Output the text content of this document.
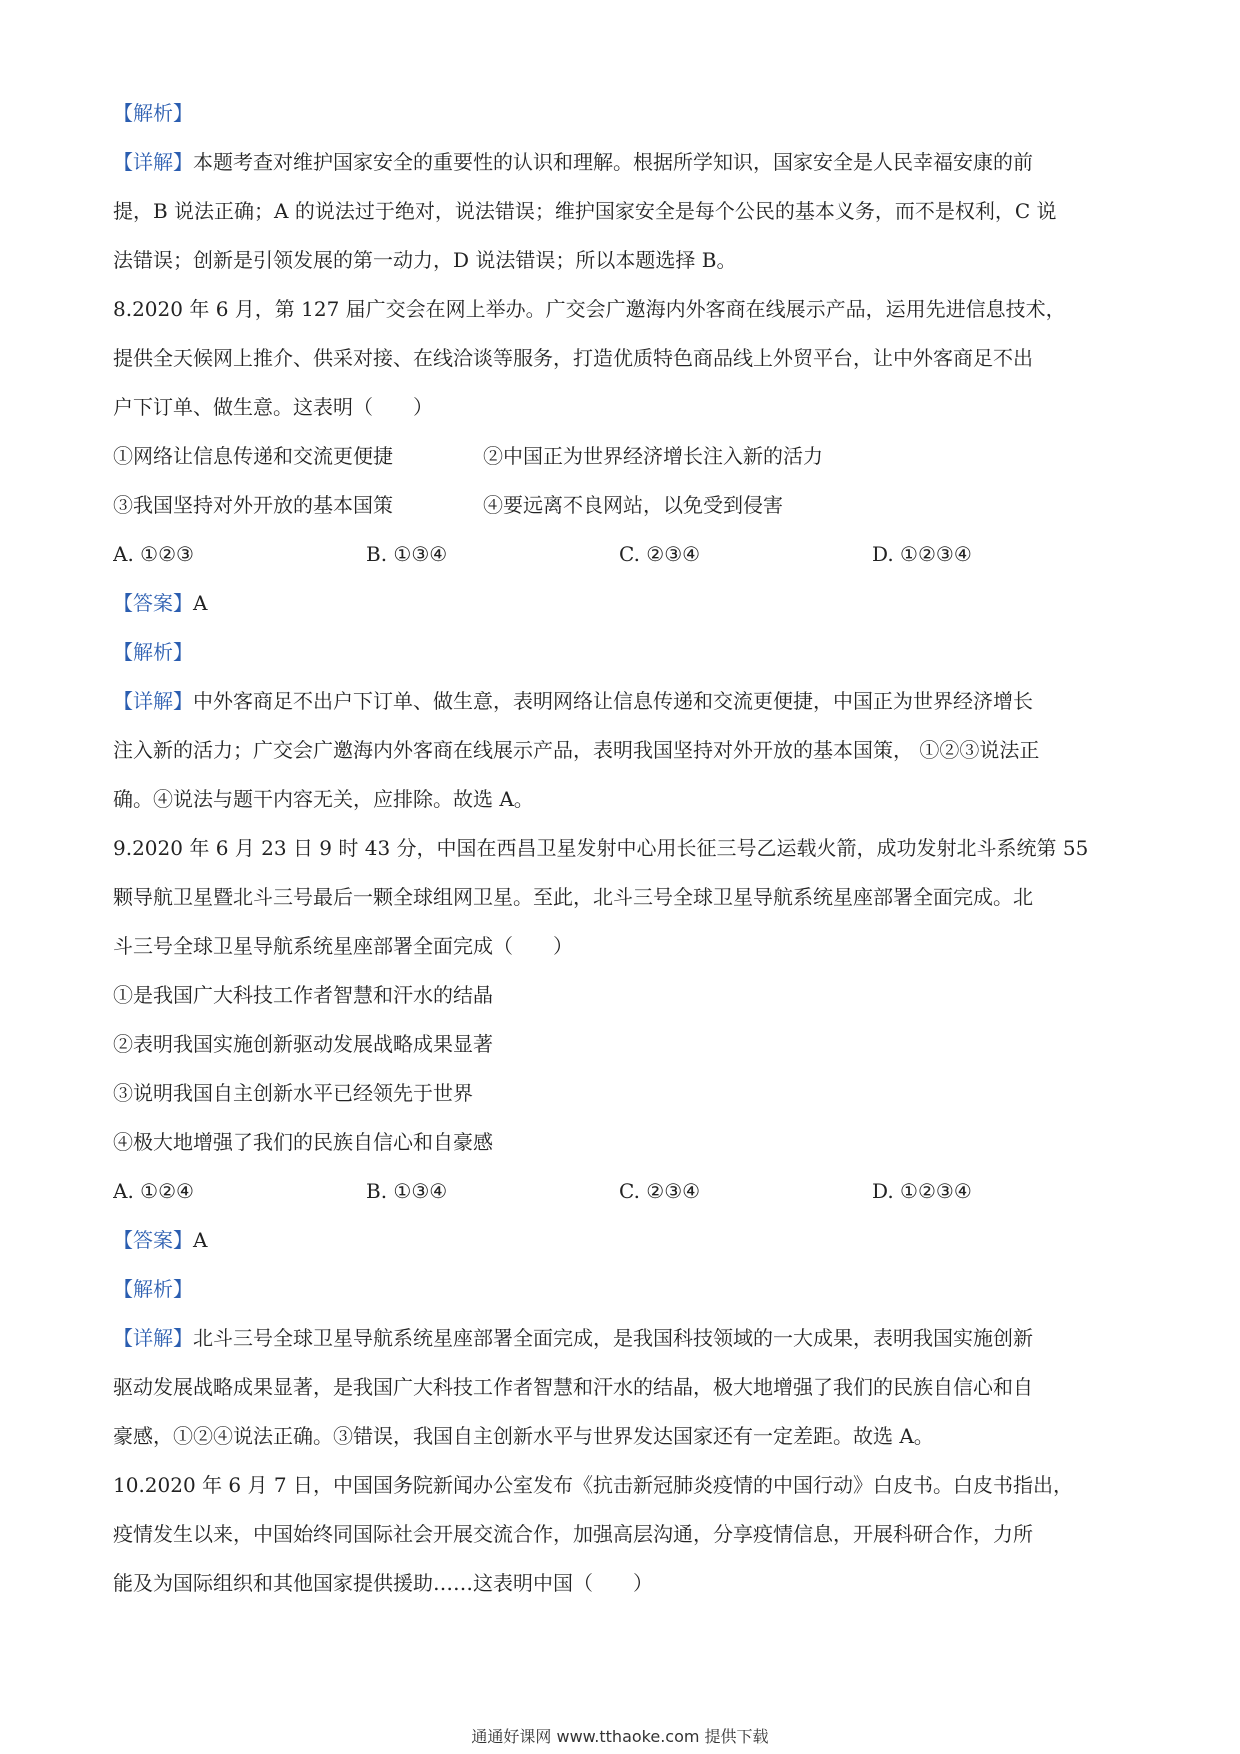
【解析】
【详解】本题考查对维护国家安全的重要性的认识和理解。根据所学知识，国家安全是人民幸福安康的前
提，B 说法正确；A 的说法过于绝对，说法错误；维护国家安全是每个公民的基本义务，而不是权利，C 说
法错误；创新是引领发展的第一动力，D 说法错误；所以本题选择 B。
8.2020 年 6 月，第 127 届广交会在网上举办。广交会广邀海内外客商在线展示产品，运用先进信息技术，
提供全天候网上推介、供采对接、在线洽谈等服务，打造优质特色商品线上外贸平台，让中外客商足不出
户下订单、做生意。这表明（　　）
①网络让信息传递和交流更便捷	②中国正为世界经济增长注入新的活力
③我国坚持对外开放的基本国策	④要远离不良网站，以免受到侵害
A. ①②③	B. ①③④	C. ②③④	D. ①②③④
【答案】A
【解析】
【详解】中外客商足不出户下订单、做生意，表明网络让信息传递和交流更便捷，中国正为世界经济增长
注入新的活力；广交会广邀海内外客商在线展示产品，表明我国坚持对外开放的基本国策， ①②③说法正
确。④说法与题干内容无关，应排除。故选 A。
9.2020 年 6 月 23 日 9 时 43 分，中国在西昌卫星发射中心用长征三号乙运载火箭，成功发射北斗系统第 55
颗导航卫星暨北斗三号最后一颗全球组网卫星。至此，北斗三号全球卫星导航系统星座部署全面完成。北
斗三号全球卫星导航系统星座部署全面完成（　　）
①是我国广大科技工作者智慧和汗水的结晶
②表明我国实施创新驱动发展战略成果显著
③说明我国自主创新水平已经领先于世界
④极大地增强了我们的民族自信心和自豪感
A. ①②④	B. ①③④	C. ②③④	D. ①②③④
【答案】A
【解析】
【详解】北斗三号全球卫星导航系统星座部署全面完成，是我国科技领域的一大成果，表明我国实施创新
驱动发展战略成果显著，是我国广大科技工作者智慧和汗水的结晶，极大地增强了我们的民族自信心和自
豪感，①②④说法正确。③错误，我国自主创新水平与世界发达国家还有一定差距。故选 A。
10.2020 年 6 月 7 日，中国国务院新闻办公室发布《抗击新冠肺炎疫情的中国行动》白皮书。白皮书指出，
疫情发生以来，中国始终同国际社会开展交流合作，加强高层沟通，分享疫情信息，开展科研合作，力所
能及为国际组织和其他国家提供援助……这表明中国（　　）
通通好课网 www.tthaoke.com 提供下载
